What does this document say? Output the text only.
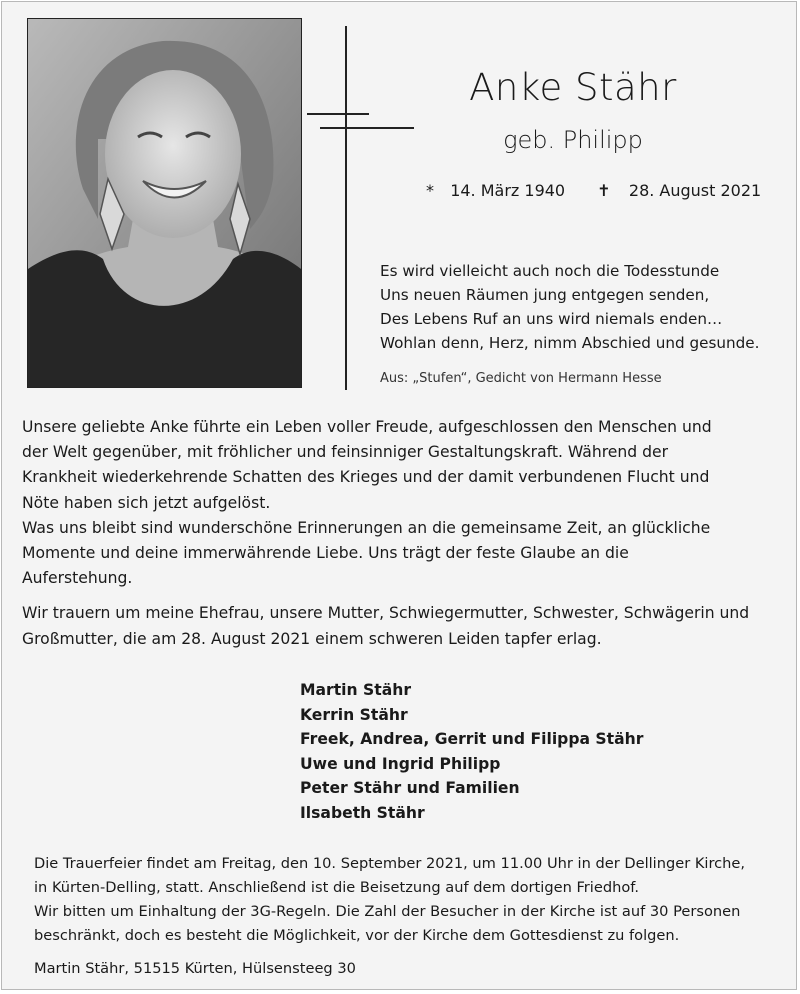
Anke Stähr
geb. Philipp
* 14. März 1940 ✝ 28. August 2021
Es wird vielleicht auch noch die Todesstunde
Uns neuen Räumen jung entgegen senden,
Des Lebens Ruf an uns wird niemals enden…
Wohlan denn, Herz, nimm Abschied und gesunde.
Aus: „Stufen“, Gedicht von Hermann Hesse

Unsere geliebte Anke führte ein Leben voller Freude, aufgeschlossen den Menschen und
der Welt gegenüber, mit fröhlicher und feinsinniger Gestaltungskraft. Während der
Krankheit wiederkehrende Schatten des Krieges und der damit verbundenen Flucht und
Nöte haben sich jetzt aufgelöst.
Was uns bleibt sind wunderschöne Erinnerungen an die gemeinsame Zeit, an glückliche
Momente und deine immerwährende Liebe. Uns trägt der feste Glaube an die
Auferstehung.

Wir trauern um meine Ehefrau, unsere Mutter, Schwiegermutter, Schwester, Schwägerin und
Großmutter, die am 28. August 2021 einem schweren Leiden tapfer erlag.

Martin Stähr
Kerrin Stähr
Freek, Andrea, Gerrit und Filippa Stähr
Uwe und Ingrid Philipp
Peter Stähr und Familien
Ilsabeth Stähr
Die Trauerfeier findet am Freitag, den 10. September 2021, um 11.00 Uhr in der Dellinger Kirche,
in Kürten-Delling, statt. Anschließend ist die Beisetzung auf dem dortigen Friedhof.
Wir bitten um Einhaltung der 3G-Regeln. Die Zahl der Besucher in der Kirche ist auf 30 Personen
beschränkt, doch es besteht die Möglichkeit, vor der Kirche dem Gottesdienst zu folgen.
Martin Stähr, 51515 Kürten, Hülsensteeg 30
